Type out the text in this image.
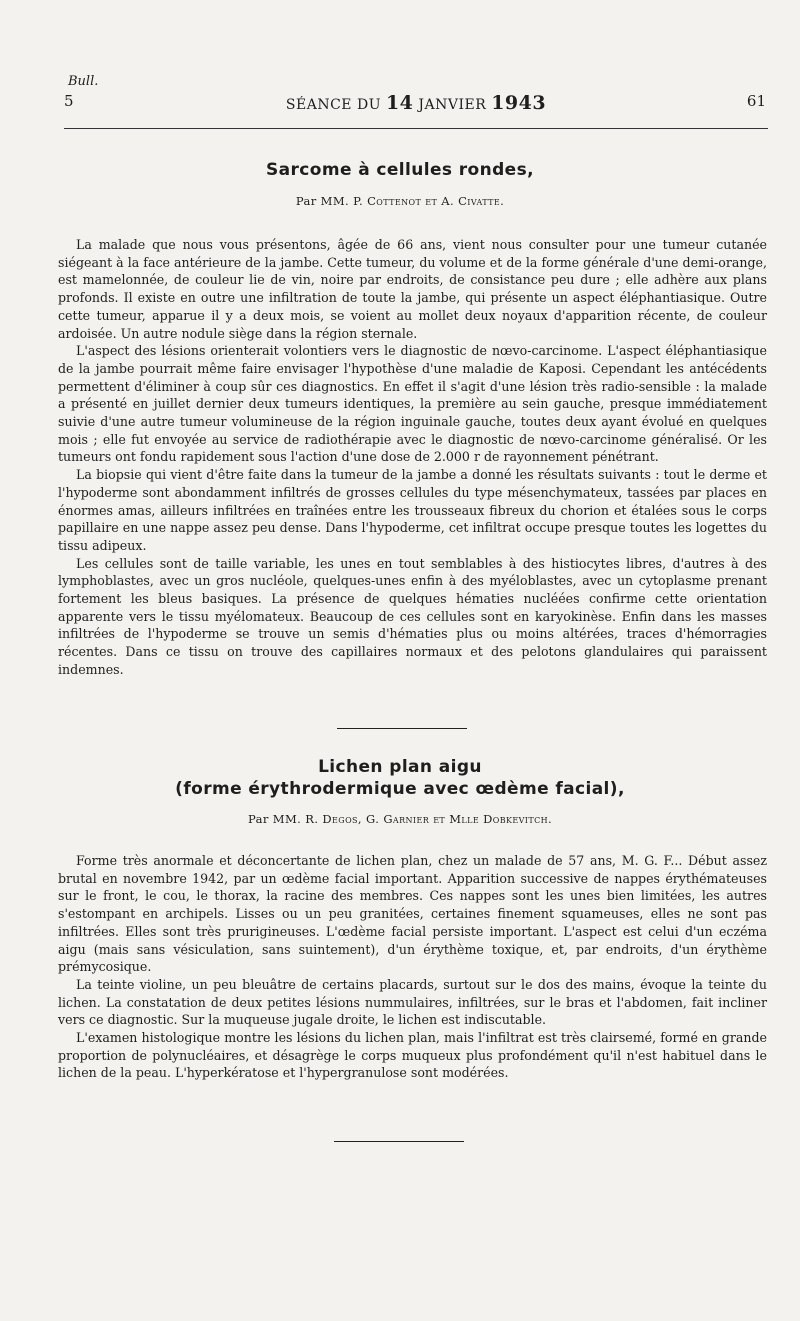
Bull.
5	SÉANCE DU 14 JANVIER 1943	61
Sarcome à cellules rondes,
Par MM. P. Cottenot et A. Civatte.

La malade que nous vous présentons, âgée de 66 ans, vient nous consulter pour une tumeur cutanée siégeant à la face antérieure de la jambe. Cette tumeur, du volume et de la forme générale d'une demi-orange, est mamelonnée, de couleur lie de vin, noire par endroits, de consistance peu dure ; elle adhère aux plans profonds. Il existe en outre une infiltration de toute la jambe, qui présente un aspect éléphantiasique. Outre cette tumeur, apparue il y a deux mois, se voient au mollet deux noyaux d'apparition récente, de couleur ardoisée. Un autre nodule siège dans la région sternale.

L'aspect des lésions orienterait volontiers vers le diagnostic de nœvo-carcinome. L'aspect éléphantiasique de la jambe pourrait même faire envisager l'hypothèse d'une maladie de Kaposi. Cependant les antécédents permettent d'éliminer à coup sûr ces diagnostics. En effet il s'agit d'une lésion très radio-sensible : la malade a présenté en juillet dernier deux tumeurs identiques, la première au sein gauche, presque immédiatement suivie d'une autre tumeur volumineuse de la région inguinale gauche, toutes deux ayant évolué en quelques mois ; elle fut envoyée au service de radiothérapie avec le diagnostic de nœvo-carcinome généralisé. Or les tumeurs ont fondu rapidement sous l'action d'une dose de 2.000 r de rayonnement pénétrant.

La biopsie qui vient d'être faite dans la tumeur de la jambe a donné les résultats suivants : tout le derme et l'hypoderme sont abondamment infiltrés de grosses cellules du type mésenchymateux, tassées par places en énormes amas, ailleurs infiltrées en traînées entre les trousseaux fibreux du chorion et étalées sous le corps papillaire en une nappe assez peu dense. Dans l'hypoderme, cet infiltrat occupe presque toutes les logettes du tissu adipeux.

Les cellules sont de taille variable, les unes en tout semblables à des histiocytes libres, d'autres à des lymphoblastes, avec un gros nucléole, quelques-unes enfin à des myéloblastes, avec un cytoplasme prenant fortement les bleus basiques. La présence de quelques hématies nucléées confirme cette orientation apparente vers le tissu myélomateux. Beaucoup de ces cellules sont en karyokinèse. Enfin dans les masses infiltrées de l'hypoderme se trouve un semis d'hématies plus ou moins altérées, traces d'hémorragies récentes. Dans ce tissu on trouve des capillaires normaux et des pelotons glandulaires qui paraissent indemnes.

Lichen plan aigu
(forme érythrodermique avec œdème facial),
Par MM. R. Degos, G. Garnier et Mlle Dobkevitch.

Forme très anormale et déconcertante de lichen plan, chez un malade de 57 ans, M. G. F... Début assez brutal en novembre 1942, par un œdème facial important. Apparition successive de nappes érythémateuses sur le front, le cou, le thorax, la racine des membres. Ces nappes sont les unes bien limitées, les autres s'estompant en archipels. Lisses ou un peu granitées, certaines finement squameuses, elles ne sont pas infiltrées. Elles sont très prurigineuses. L'œdème facial persiste important. L'aspect est celui d'un eczéma aigu (mais sans vésiculation, sans suintement), d'un érythème toxique, et, par endroits, d'un érythème prémycosique.

La teinte violine, un peu bleuâtre de certains placards, surtout sur le dos des mains, évoque la teinte du lichen. La constatation de deux petites lésions nummulaires, infiltrées, sur le bras et l'abdomen, fait incliner vers ce diagnostic. Sur la muqueuse jugale droite, le lichen est indiscutable.

L'examen histologique montre les lésions du lichen plan, mais l'infiltrat est très clairsemé, formé en grande proportion de polynucléaires, et désagrège le corps muqueux plus profondément qu'il n'est habituel dans le lichen de la peau. L'hyperkératose et l'hypergranulose sont modérées.
